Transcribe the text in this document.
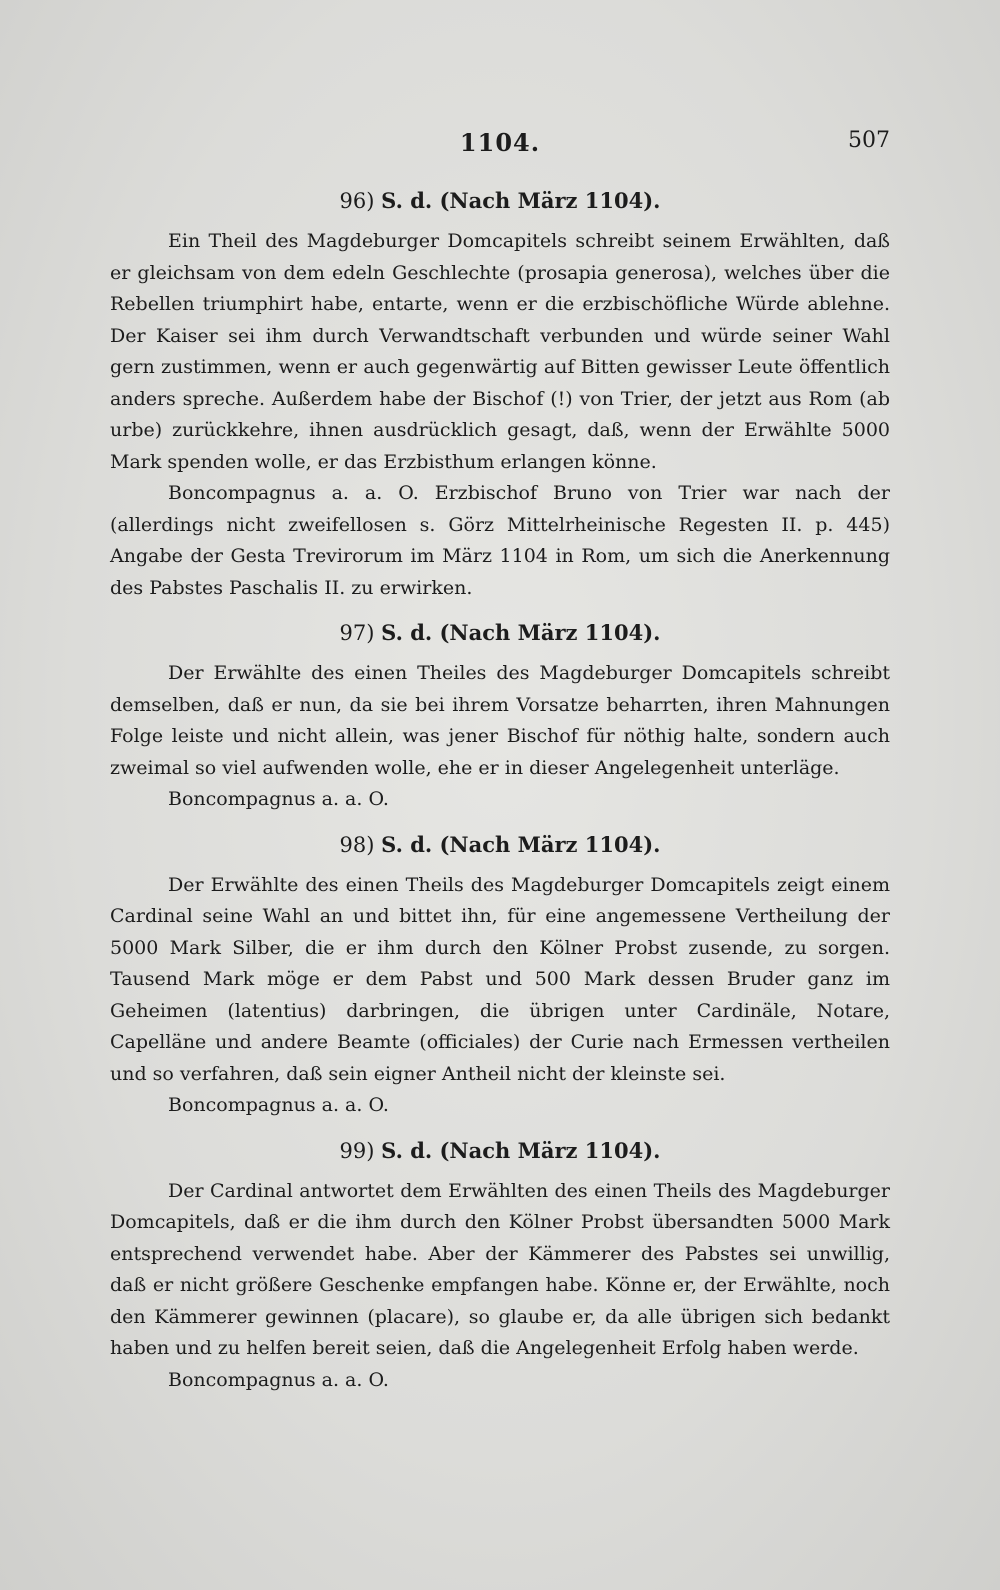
1104.	507
96) S. d. (Nach März 1104).

Ein Theil des Magdeburger Domcapitels schreibt seinem Erwählten, daß er gleichsam von dem edeln Geschlechte (prosapia generosa), welches über die Rebellen triumphirt habe, entarte, wenn er die erzbischöfliche Würde ablehne. Der Kaiser sei ihm durch Verwandtschaft verbunden und würde seiner Wahl gern zustimmen, wenn er auch gegenwärtig auf Bitten gewisser Leute öffentlich anders spreche. Außerdem habe der Bischof (!) von Trier, der jetzt aus Rom (ab urbe) zurückkehre, ihnen ausdrücklich gesagt, daß, wenn der Erwählte 5000 Mark spenden wolle, er das Erzbisthum erlangen könne.

Boncompagnus a. a. O. Erzbischof Bruno von Trier war nach der (allerdings nicht zweifellosen s. Görz Mittelrheinische Regesten II. p. 445) Angabe der Gesta Trevirorum im März 1104 in Rom, um sich die Anerkennung des Pabstes Paschalis II. zu erwirken.

97) S. d. (Nach März 1104).

Der Erwählte des einen Theiles des Magdeburger Domcapitels schreibt demselben, daß er nun, da sie bei ihrem Vorsatze beharrten, ihren Mahnungen Folge leiste und nicht allein, was jener Bischof für nöthig halte, sondern auch zweimal so viel aufwenden wolle, ehe er in dieser Angelegenheit unterläge.

Boncompagnus a. a. O.

98) S. d. (Nach März 1104).

Der Erwählte des einen Theils des Magdeburger Domcapitels zeigt einem Cardinal seine Wahl an und bittet ihn, für eine angemessene Vertheilung der 5000 Mark Silber, die er ihm durch den Kölner Probst zusende, zu sorgen. Tausend Mark möge er dem Pabst und 500 Mark dessen Bruder ganz im Geheimen (latentius) darbringen, die übrigen unter Cardinäle, Notare, Capelläne und andere Beamte (officiales) der Curie nach Ermessen vertheilen und so verfahren, daß sein eigner Antheil nicht der kleinste sei.

Boncompagnus a. a. O.

99) S. d. (Nach März 1104).

Der Cardinal antwortet dem Erwählten des einen Theils des Magdeburger Domcapitels, daß er die ihm durch den Kölner Probst übersandten 5000 Mark entsprechend verwendet habe. Aber der Kämmerer des Pabstes sei unwillig, daß er nicht größere Geschenke empfangen habe. Könne er, der Erwählte, noch den Kämmerer gewinnen (placare), so glaube er, da alle übrigen sich bedankt haben und zu helfen bereit seien, daß die Angelegenheit Erfolg haben werde.

Boncompagnus a. a. O.
